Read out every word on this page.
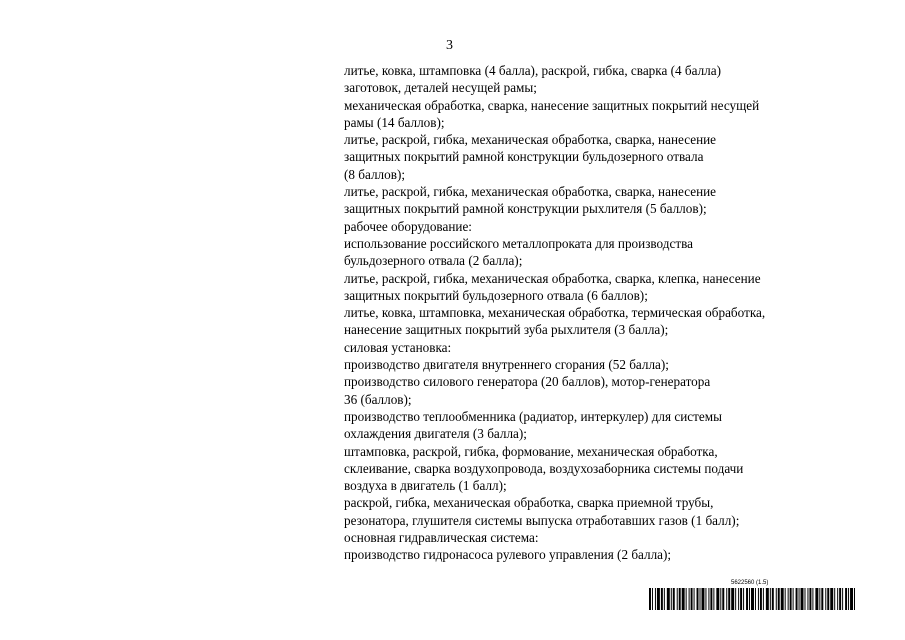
3
литье, ковка, штамповка (4 балла), раскрой, гибка, сварка (4 балла)
заготовок, деталей несущей рамы;
механическая обработка, сварка, нанесение защитных покрытий несущей
рамы (14 баллов);
литье, раскрой, гибка, механическая обработка, сварка, нанесение
защитных покрытий рамной конструкции бульдозерного отвала
(8 баллов);
литье, раскрой, гибка, механическая обработка, сварка, нанесение
защитных покрытий рамной конструкции рыхлителя (5 баллов);
рабочее оборудование:
использование российского металлопроката для производства
бульдозерного отвала (2 балла);
литье, раскрой, гибка, механическая обработка, сварка, клепка, нанесение
защитных покрытий бульдозерного отвала (6 баллов);
литье, ковка, штамповка, механическая обработка, термическая обработка,
нанесение защитных покрытий зуба рыхлителя (3 балла);
силовая установка:
производство двигателя внутреннего сгорания (52 балла);
производство силового генератора (20 баллов), мотор-генератора
36 (баллов);
производство теплообменника (радиатор, интеркулер) для системы
охлаждения двигателя (3 балла);
штамповка, раскрой, гибка, формование, механическая обработка,
склеивание, сварка воздухопровода, воздухозаборника системы подачи
воздуха в двигатель (1 балл);
раскрой, гибка, механическая обработка, сварка приемной трубы,
резонатора, глушителя системы выпуска отработавших газов (1 балл);
основная гидравлическая система:
производство гидронасоса рулевого управления (2 балла);
5622560 (1.5)
